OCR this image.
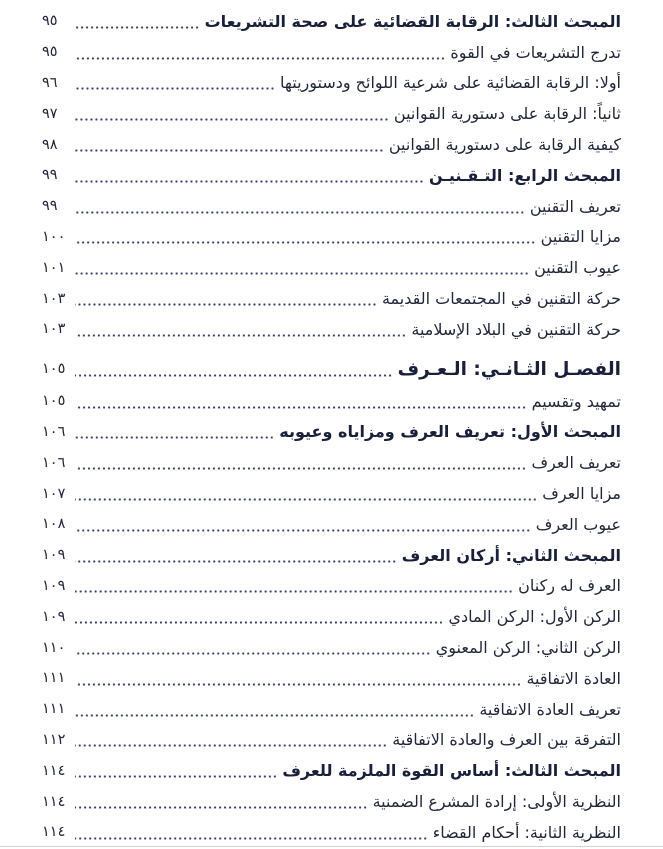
المبحث الثالث: الرقابة القضائية على صحة التشريعات
٩٥
تدرج التشريعات في القوة
٩٥
أولا: الرقابة القضائية على شرعية اللوائح ودستوريتها
٩٦
ثانياً: الرقابة على دستورية القوانين
٩٧
كيفية الرقابة على دستورية القوانين
٩٨
المبحث الرابع: التـقـنيـن
٩٩
تعريف التقنين
٩٩
مزايا التقنين
١٠٠
عيوب التقنين
١٠١
حركة التقنين في المجتمعات القديمة
١٠٣
حركة التقنين في البلاد الإسلامية
١٠٣
الفصـل الثـانـي: الـعـرف
١٠٥
تمهيد وتقسيم
١٠٥
المبحث الأول: تعريف العرف ومزاياه وعيوبه
١٠٦
تعريف العرف
١٠٦
مزايا العرف
١٠٧
عيوب العرف
١٠٨
المبحث الثاني: أركان العرف
١٠٩
العرف له ركنان
١٠٩
الركن الأول: الركن المادي
١٠٩
الركن الثاني: الركن المعنوي
١١٠
العادة الاتفاقية
١١١
تعريف العادة الاتفاقية
١١١
التفرقة بين العرف والعادة الاتفاقية
١١٢
المبحث الثالث: أساس القوة الملزمة للعرف
١١٤
النظرية الأولى: إرادة المشرع الضمنية
١١٤
النظرية الثانية: أحكام القضاء
١١٤
